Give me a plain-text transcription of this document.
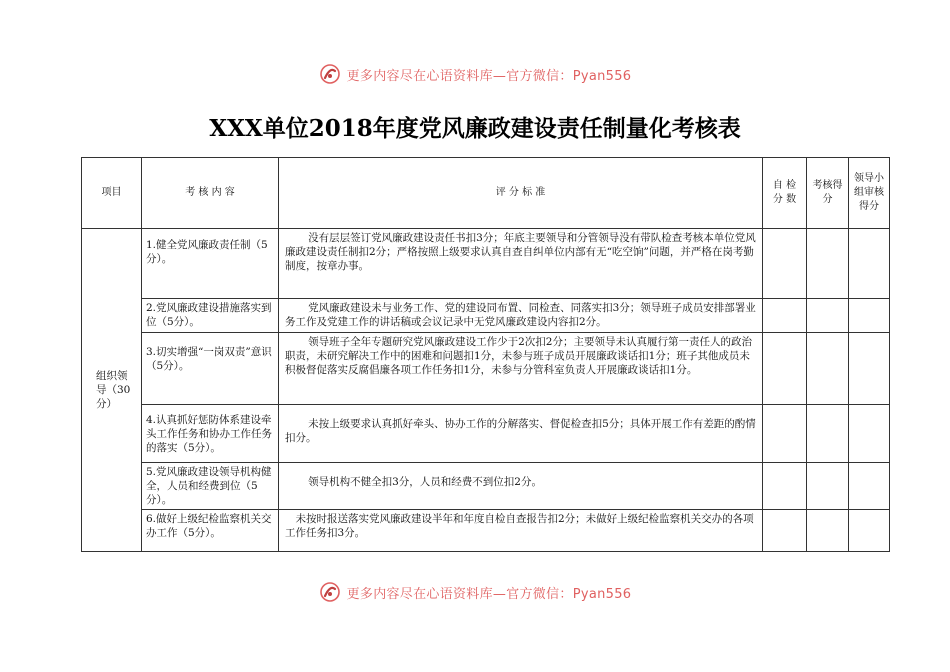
更多内容尽在心语资料库—官方微信：Pyan556
XXX单位2018年度党风廉政建设责任制量化考核表
项目	考 核 内 容	评 分 标 准	自 检 分 数	考核得分	领导小组审核得分
组织领导（30分）	1.健全党风廉政责任制（5分）。	没有层层签订党风廉政建设责任书扣3分；年底主要领导和分管领导没有带队检查考核本单位党风廉政建设责任制扣2分；严格按照上级要求认真自查自纠单位内部有无“吃空饷”问题，并严格在岗考勤制度，按章办事。			
	2.党风廉政建设措施落实到位（5分）。	党风廉政建设未与业务工作、党的建设同布置、同检查、同落实扣3分；领导班子成员安排部署业务工作及党建工作的讲话稿或会议记录中无党风廉政建设内容扣2分。			
	3.切实增强“一岗双责”意识（5分）。	领导班子全年专题研究党风廉政建设工作少于2次扣2分；主要领导未认真履行第一责任人的政治职责，未研究解决工作中的困难和问题扣1分，未参与班子成员开展廉政谈话扣1分；班子其他成员未积极督促落实反腐倡廉各项工作任务扣1分，未参与分管科室负责人开展廉政谈话扣1分。			
	4.认真抓好惩防体系建设牵头工作任务和协办工作任务的落实（5分）。	未按上级要求认真抓好牵头、协办工作的分解落实、督促检查扣5分；具体开展工作有差距的酌情扣分。			
	5.党风廉政建设领导机构健全，人员和经费到位（5分）。	领导机构不健全扣3分，人员和经费不到位扣2分。			
	6.做好上级纪检监察机关交办工作（5分）。	未按时报送落实党风廉政建设半年和年度自检自查报告扣2分；未做好上级纪检监察机关交办的各项工作任务扣3分。			
更多内容尽在心语资料库—官方微信：Pyan556
